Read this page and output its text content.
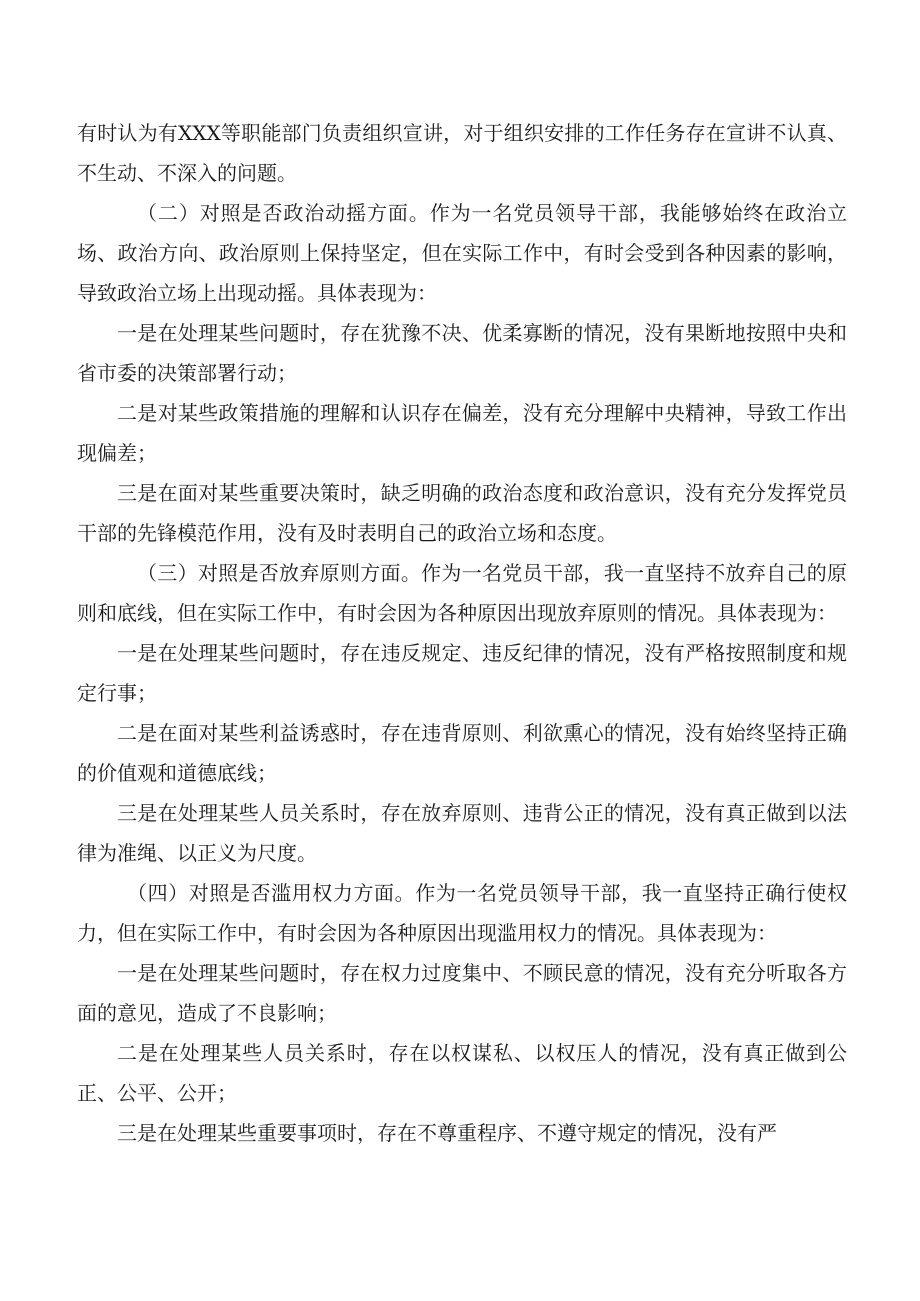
有时认为有XXX等职能部门负责组织宣讲，对于组织安排的工作任务存在宣讲不认真、不生动、不深入的问题。

（二）对照是否政治动摇方面。作为一名党员领导干部，我能够始终在政治立场、政治方向、政治原则上保持坚定，但在实际工作中，有时会受到各种因素的影响，导致政治立场上出现动摇。具体表现为：

一是在处理某些问题时，存在犹豫不决、优柔寡断的情况，没有果断地按照中央和省市委的决策部署行动；

二是对某些政策措施的理解和认识存在偏差，没有充分理解中央精神，导致工作出现偏差；

三是在面对某些重要决策时，缺乏明确的政治态度和政治意识，没有充分发挥党员干部的先锋模范作用，没有及时表明自己的政治立场和态度。

（三）对照是否放弃原则方面。作为一名党员干部，我一直坚持不放弃自己的原则和底线，但在实际工作中，有时会因为各种原因出现放弃原则的情况。具体表现为：

一是在处理某些问题时，存在违反规定、违反纪律的情况，没有严格按照制度和规定行事；

二是在面对某些利益诱惑时，存在违背原则、利欲熏心的情况，没有始终坚持正确的价值观和道德底线；

三是在处理某些人员关系时，存在放弃原则、违背公正的情况，没有真正做到以法律为准绳、以正义为尺度。

（四）对照是否滥用权力方面。作为一名党员领导干部，我一直坚持正确行使权力，但在实际工作中，有时会因为各种原因出现滥用权力的情况。具体表现为：

一是在处理某些问题时，存在权力过度集中、不顾民意的情况，没有充分听取各方面的意见，造成了不良影响；

二是在处理某些人员关系时，存在以权谋私、以权压人的情况，没有真正做到公正、公平、公开；

三是在处理某些重要事项时，存在不尊重程序、不遵守规定的情况，没有严
